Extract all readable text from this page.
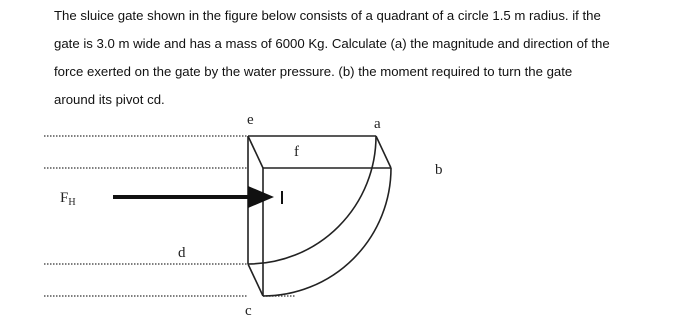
The sluice gate shown in the figure below consists of a quadrant of a circle 1.5 m radius. if the
gate is 3.0 m wide and has a mass of 6000 Kg. Calculate (a) the magnitude and direction of the
force exerted on the gate by the water pressure. (b) the moment required to turn the gate
around its pivot cd.
e
f
a
b
d
c
$F_H$
